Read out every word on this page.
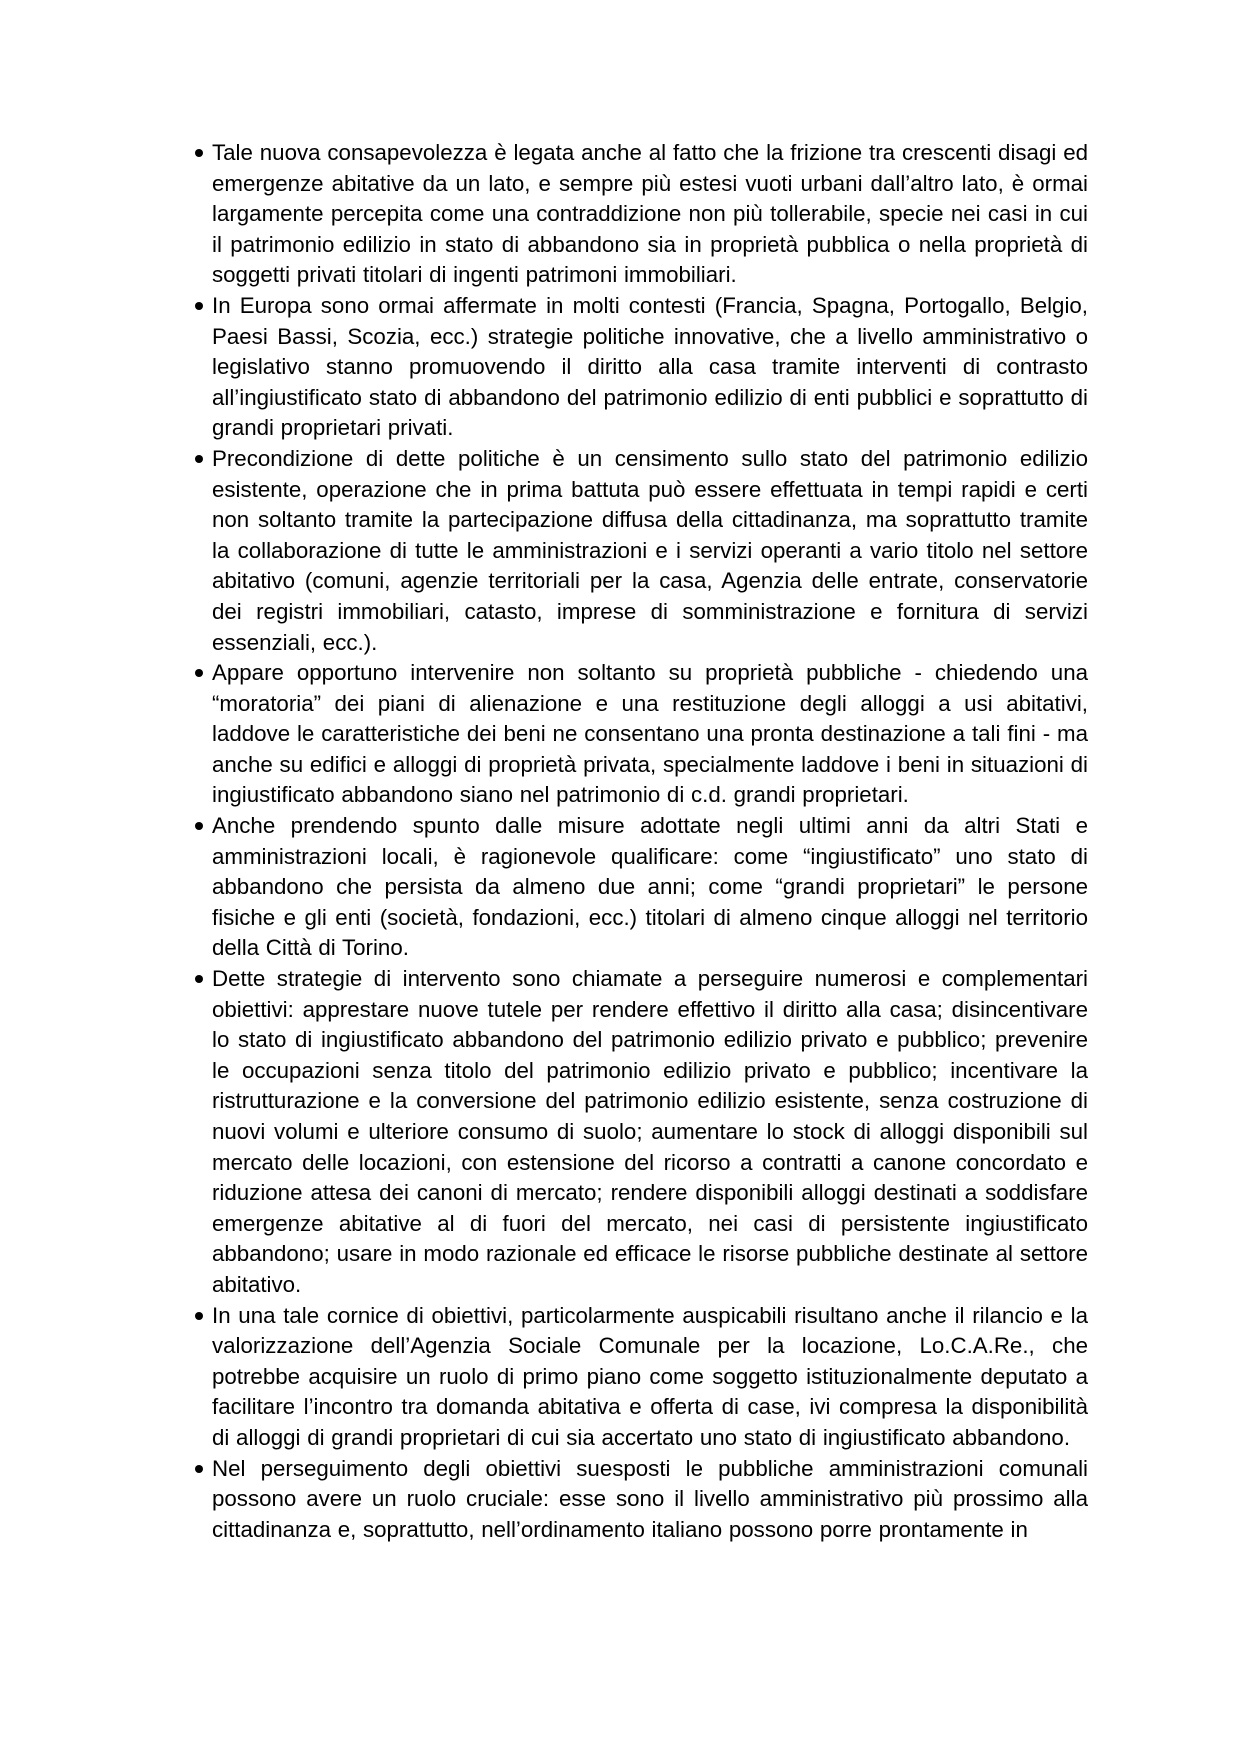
Tale nuova consapevolezza è legata anche al fatto che la frizione tra crescenti disagi ed emergenze abitative da un lato, e sempre più estesi vuoti urbani dall’altro lato, è ormai largamente percepita come una contraddizione non più tollerabile, specie nei casi in cui il patrimonio edilizio in stato di abbandono sia in proprietà pubblica o nella proprietà di soggetti privati titolari di ingenti patrimoni immobiliari.
In Europa sono ormai affermate in molti contesti (Francia, Spagna, Portogallo, Belgio, Paesi Bassi, Scozia, ecc.) strategie politiche innovative, che a livello amministrativo o legislativo stanno promuovendo il diritto alla casa tramite interventi di contrasto all’ingiustificato stato di abbandono del patrimonio edilizio di enti pubblici e soprattutto di grandi proprietari privati.
Precondizione di dette politiche è un censimento sullo stato del patrimonio edilizio esistente, operazione che in prima battuta può essere effettuata in tempi rapidi e certi non soltanto tramite la partecipazione diffusa della cittadinanza, ma soprattutto tramite la collaborazione di tutte le amministrazioni e i servizi operanti a vario titolo nel settore abitativo (comuni, agenzie territoriali per la casa, Agenzia delle entrate, conservatorie dei registri immobiliari, catasto, imprese di somministrazione e fornitura di servizi essenziali, ecc.).
Appare opportuno intervenire non soltanto su proprietà pubbliche - chiedendo una “moratoria” dei piani di alienazione e una restituzione degli alloggi a usi abitativi, laddove le caratteristiche dei beni ne consentano una pronta destinazione a tali fini - ma anche su edifici e alloggi di proprietà privata, specialmente laddove i beni in situazioni di ingiustificato abbandono siano nel patrimonio di c.d. grandi proprietari.
Anche prendendo spunto dalle misure adottate negli ultimi anni da altri Stati e amministrazioni locali, è ragionevole qualificare: come “ingiustificato” uno stato di abbandono che persista da almeno due anni; come “grandi proprietari” le persone fisiche e gli enti (società, fondazioni, ecc.) titolari di almeno cinque alloggi nel territorio della Città di Torino.
Dette strategie di intervento sono chiamate a perseguire numerosi e complementari obiettivi: apprestare nuove tutele per rendere effettivo il diritto alla casa; disincentivare lo stato di ingiustificato abbandono del patrimonio edilizio privato e pubblico; prevenire le occupazioni senza titolo del patrimonio edilizio privato e pubblico; incentivare la ristrutturazione e la conversione del patrimonio edilizio esistente, senza costruzione di nuovi volumi e ulteriore consumo di suolo; aumentare lo stock di alloggi disponibili sul mercato delle locazioni, con estensione del ricorso a contratti a canone concordato e riduzione attesa dei canoni di mercato; rendere disponibili alloggi destinati a soddisfare emergenze abitative al di fuori del mercato, nei casi di persistente ingiustificato abbandono; usare in modo razionale ed efficace le risorse pubbliche destinate al settore abitativo.
In una tale cornice di obiettivi, particolarmente auspicabili risultano anche il rilancio e la valorizzazione dell’Agenzia Sociale Comunale per la locazione, Lo.C.A.Re., che potrebbe acquisire un ruolo di primo piano come soggetto istituzionalmente deputato a facilitare l’incontro tra domanda abitativa e offerta di case, ivi compresa la disponibilità di alloggi di grandi proprietari di cui sia accertato uno stato di ingiustificato abbandono.
Nel perseguimento degli obiettivi suesposti le pubbliche amministrazioni comunali possono avere un ruolo cruciale: esse sono il livello amministrativo più prossimo alla cittadinanza e, soprattutto, nell’ordinamento italiano possono porre prontamente in
